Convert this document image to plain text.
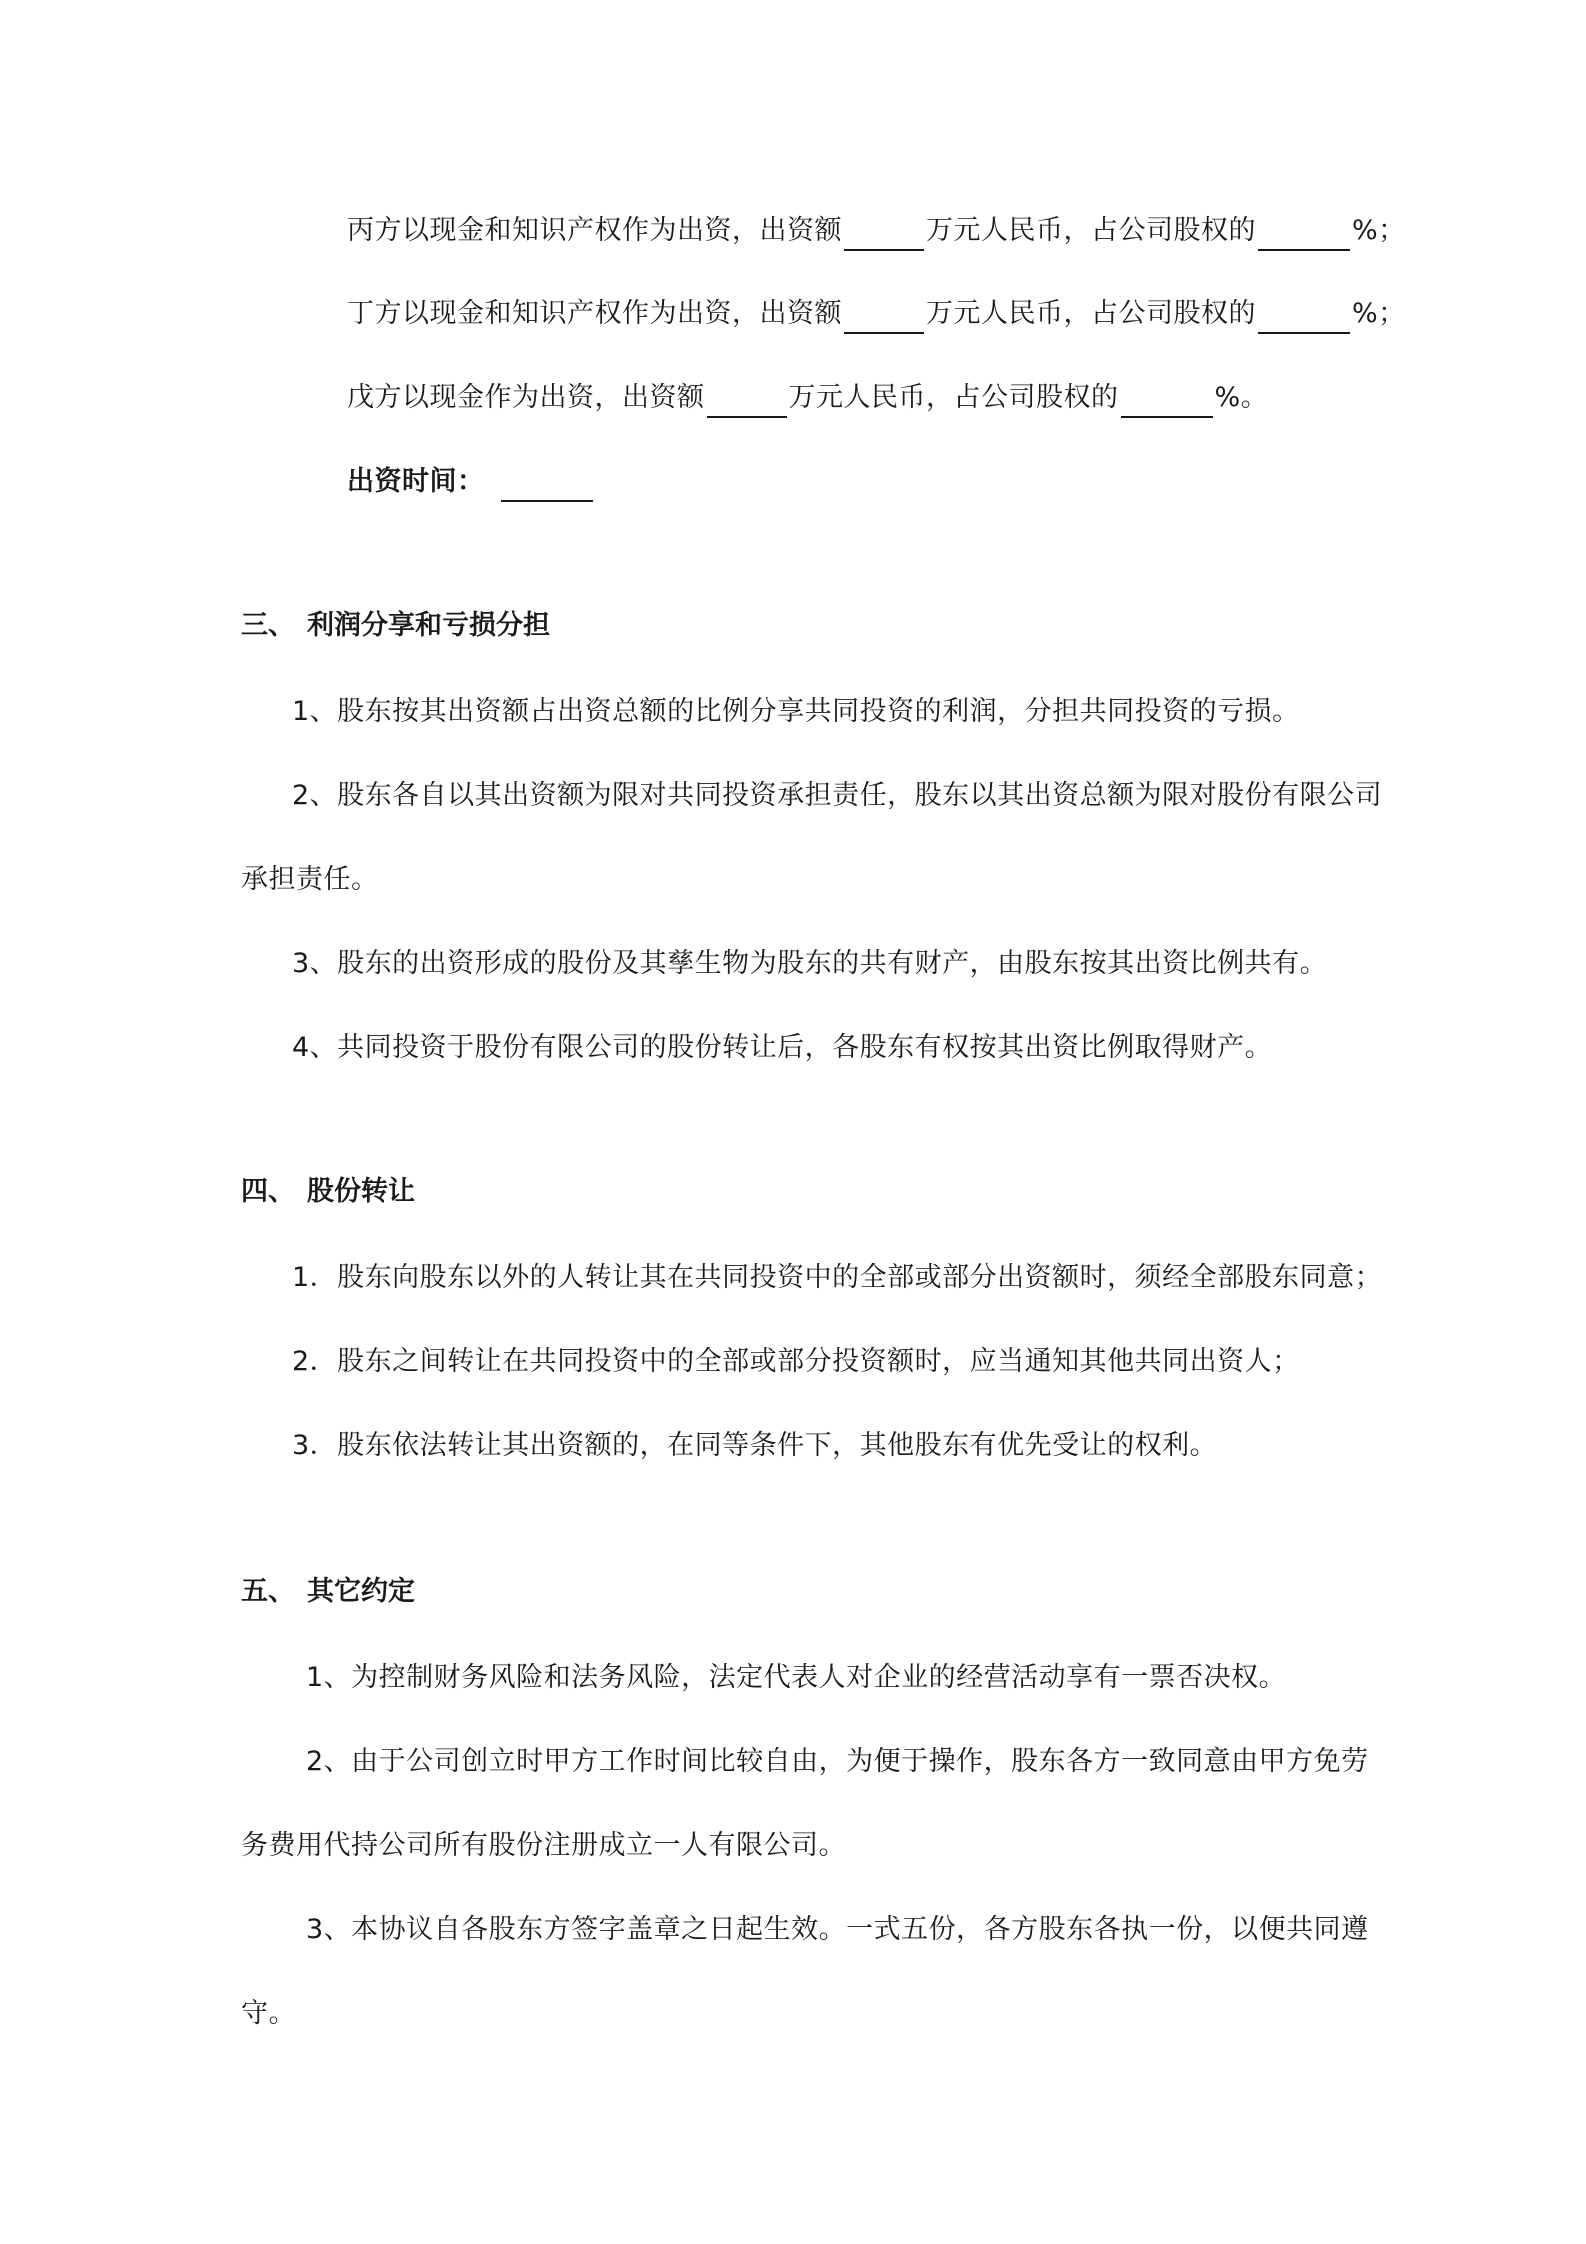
丙方以现金和知识产权作为出资，出资额	万元人民币，占公司股权的	%；
丁方以现金和知识产权作为出资，出资额	万元人民币，占公司股权的	%；
戊方以现金作为出资，出资额	万元人民币，占公司股权的	%。
出资时间：
三、 利润分享和亏损分担
1、股东按其出资额占出资总额的比例分享共同投资的利润，分担共同投资的亏损。
2、股东各自以其出资额为限对共同投资承担责任，股东以其出资总额为限对股份有限公司
承担责任。
3、股东的出资形成的股份及其孳生物为股东的共有财产，由股东按其出资比例共有。
4、共同投资于股份有限公司的股份转让后，各股东有权按其出资比例取得财产。
四、 股份转让
1．股东向股东以外的人转让其在共同投资中的全部或部分出资额时，须经全部股东同意；
2．股东之间转让在共同投资中的全部或部分投资额时，应当通知其他共同出资人；
3．股东依法转让其出资额的，在同等条件下，其他股东有优先受让的权利。
五、 其它约定
1、为控制财务风险和法务风险，法定代表人对企业的经营活动享有一票否决权。
2、由于公司创立时甲方工作时间比较自由，为便于操作，股东各方一致同意由甲方免劳
务费用代持公司所有股份注册成立一人有限公司。
3、本协议自各股东方签字盖章之日起生效。一式五份，各方股东各执一份，以便共同遵
守。
